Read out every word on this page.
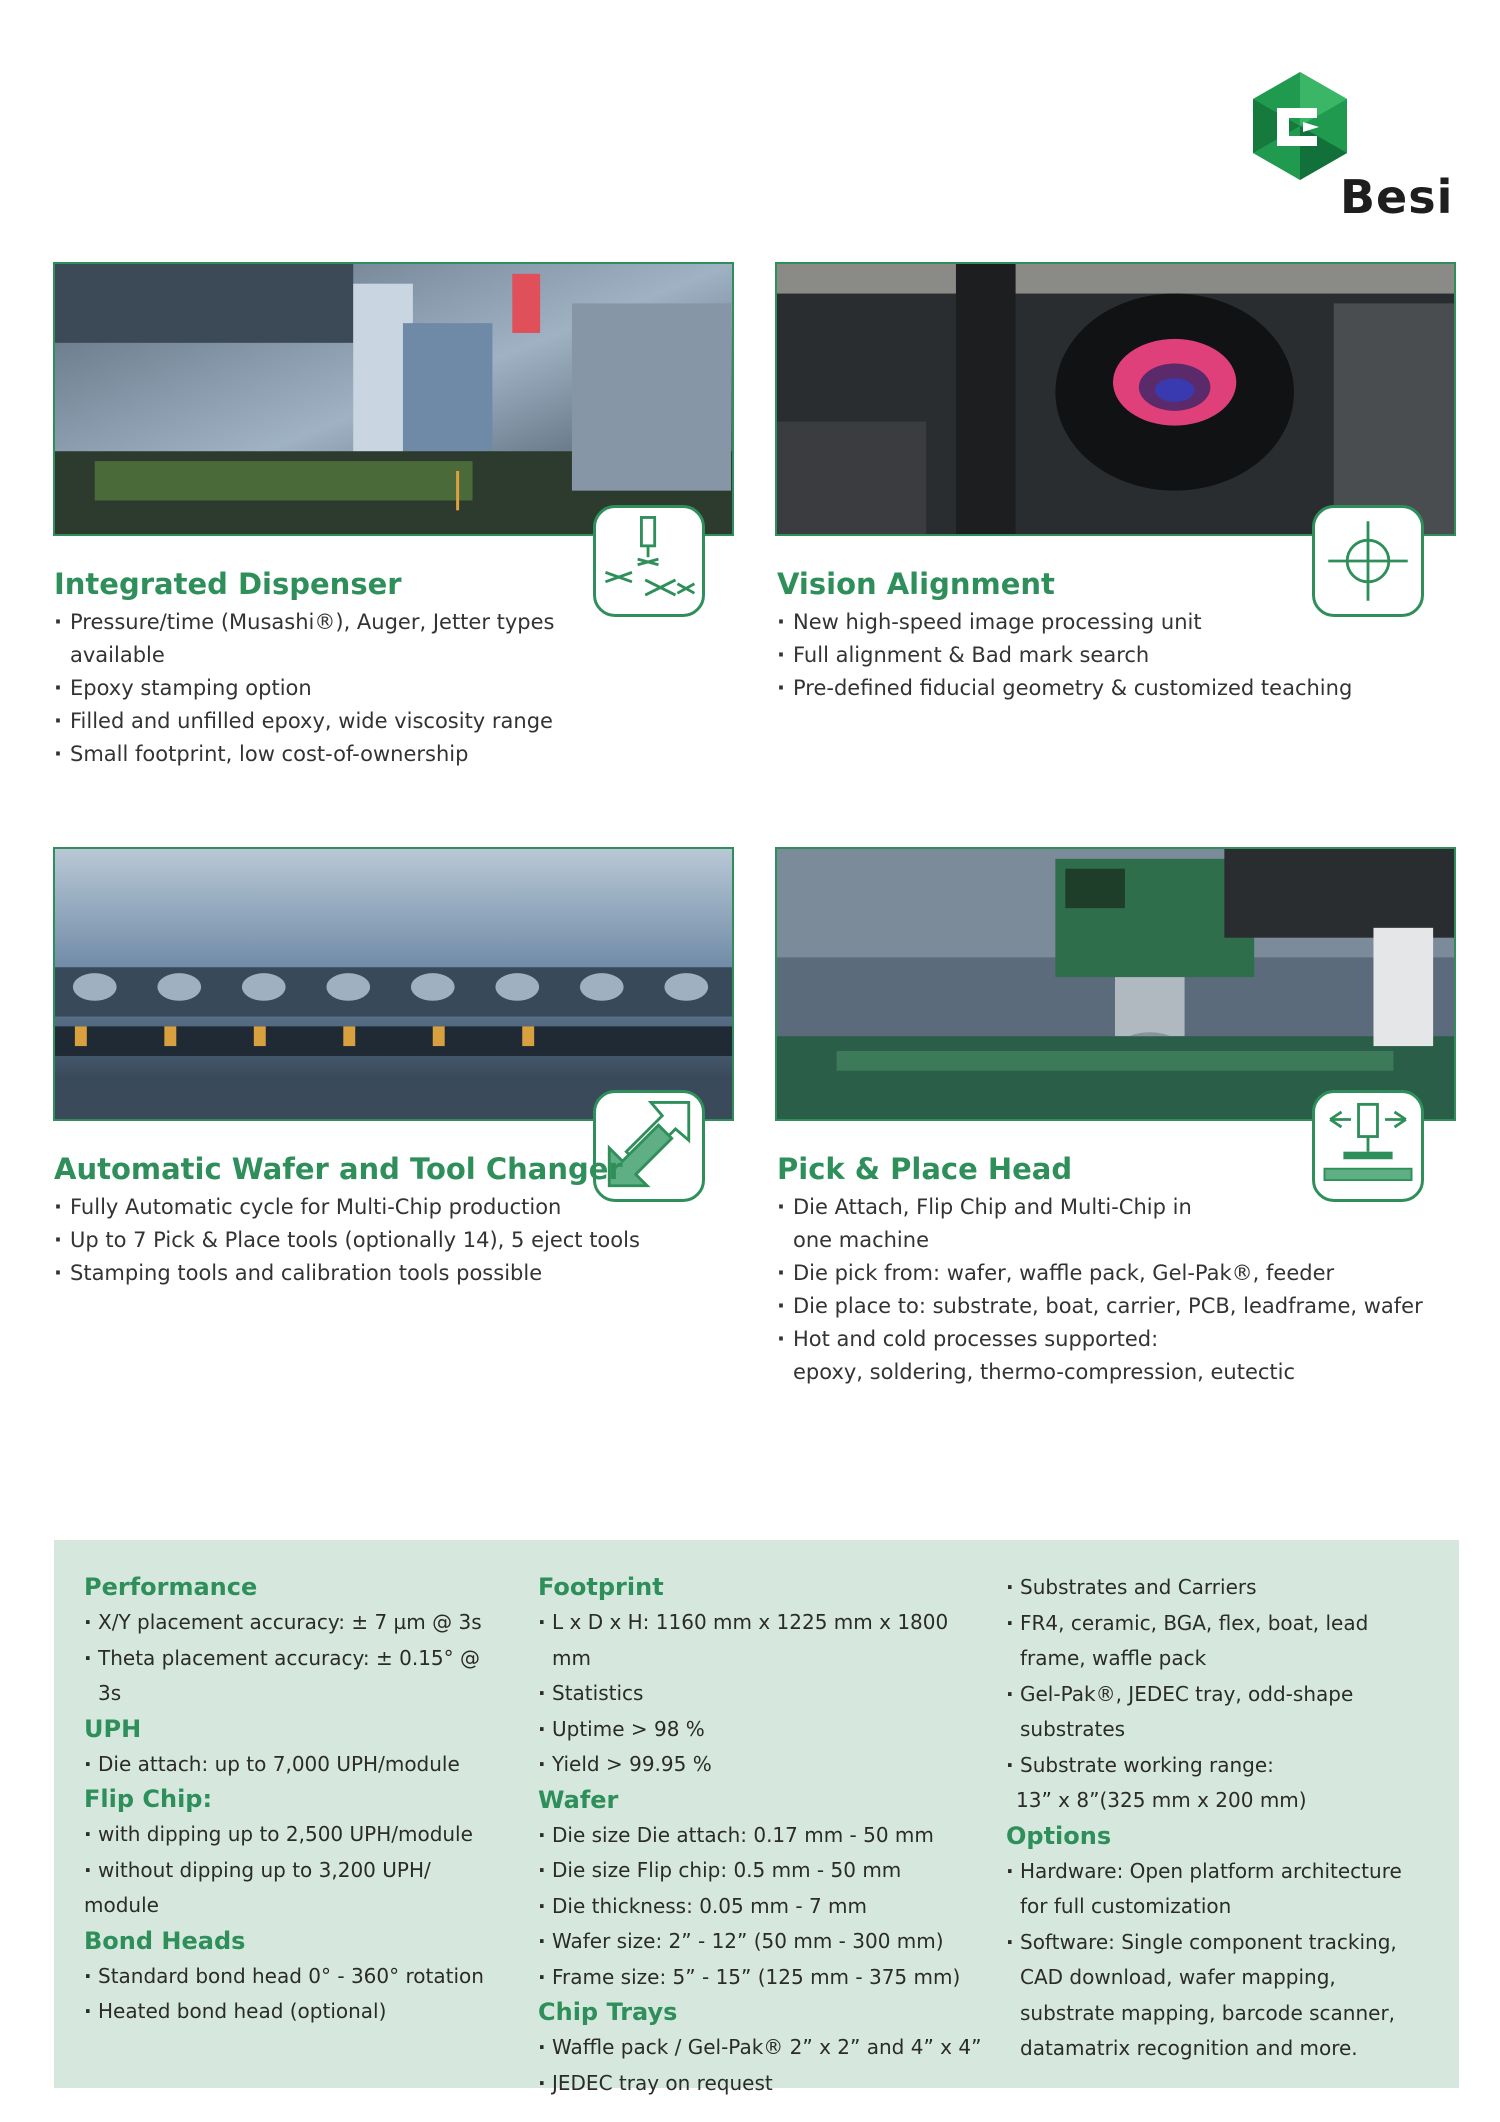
Besi
Integrated Dispenser
· Pressure/time (Musashi®), Auger, Jetter types
available
· Epoxy stamping option
· Filled and unfilled epoxy, wide viscosity range
· Small footprint, low cost-of-ownership
Vision Alignment
· New high-speed image processing unit
· Full alignment & Bad mark search
· Pre-defined fiducial geometry & customized teaching
Automatic Wafer and Tool Changer
· Fully Automatic cycle for Multi-Chip production
· Up to 7 Pick & Place tools (optionally 14), 5 eject tools
· Stamping tools and calibration tools possible
Pick & Place Head
· Die Attach, Flip Chip and Multi-Chip in
one machine
· Die pick from: wafer, waffle pack, Gel-Pak®, feeder
· Die place to: substrate, boat, carrier, PCB, leadframe, wafer
· Hot and cold processes supported:
epoxy, soldering, thermo-compression, eutectic
Performance
· X/Y placement accuracy: ± 7 µm @ 3s
· Theta placement accuracy: ± 0.15° @ 3s
UPH
· Die attach: up to 7,000 UPH/module
Flip Chip:
· with dipping up to 2,500 UPH/module
· without dipping up to 3,200 UPH/
module
Bond Heads
· Standard bond head 0° - 360° rotation
· Heated bond head (optional)
Footprint
· L x D x H: 1160 mm x 1225 mm x 1800 mm
· Statistics
· Uptime > 98 %
· Yield > 99.95 %
Wafer
· Die size Die attach: 0.17 mm - 50 mm
· Die size Flip chip: 0.5 mm - 50 mm
· Die thickness: 0.05 mm - 7 mm
· Wafer size: 2” - 12” (50 mm - 300 mm)
· Frame size: 5” - 15” (125 mm - 375 mm)
Chip Trays
· Waffle pack / Gel-Pak® 2” x 2” and 4” x 4”
· JEDEC tray on request
· Substrates and Carriers
· FR4, ceramic, BGA, flex, boat, lead
frame, waffle pack
· Gel-Pak®, JEDEC tray, odd-shape
substrates
· Substrate working range:
13” x 8”(325 mm x 200 mm)
Options
· Hardware: Open platform architecture
for full customization
· Software: Single component tracking,
CAD download, wafer mapping,
substrate mapping, barcode scanner,
datamatrix recognition and more.
